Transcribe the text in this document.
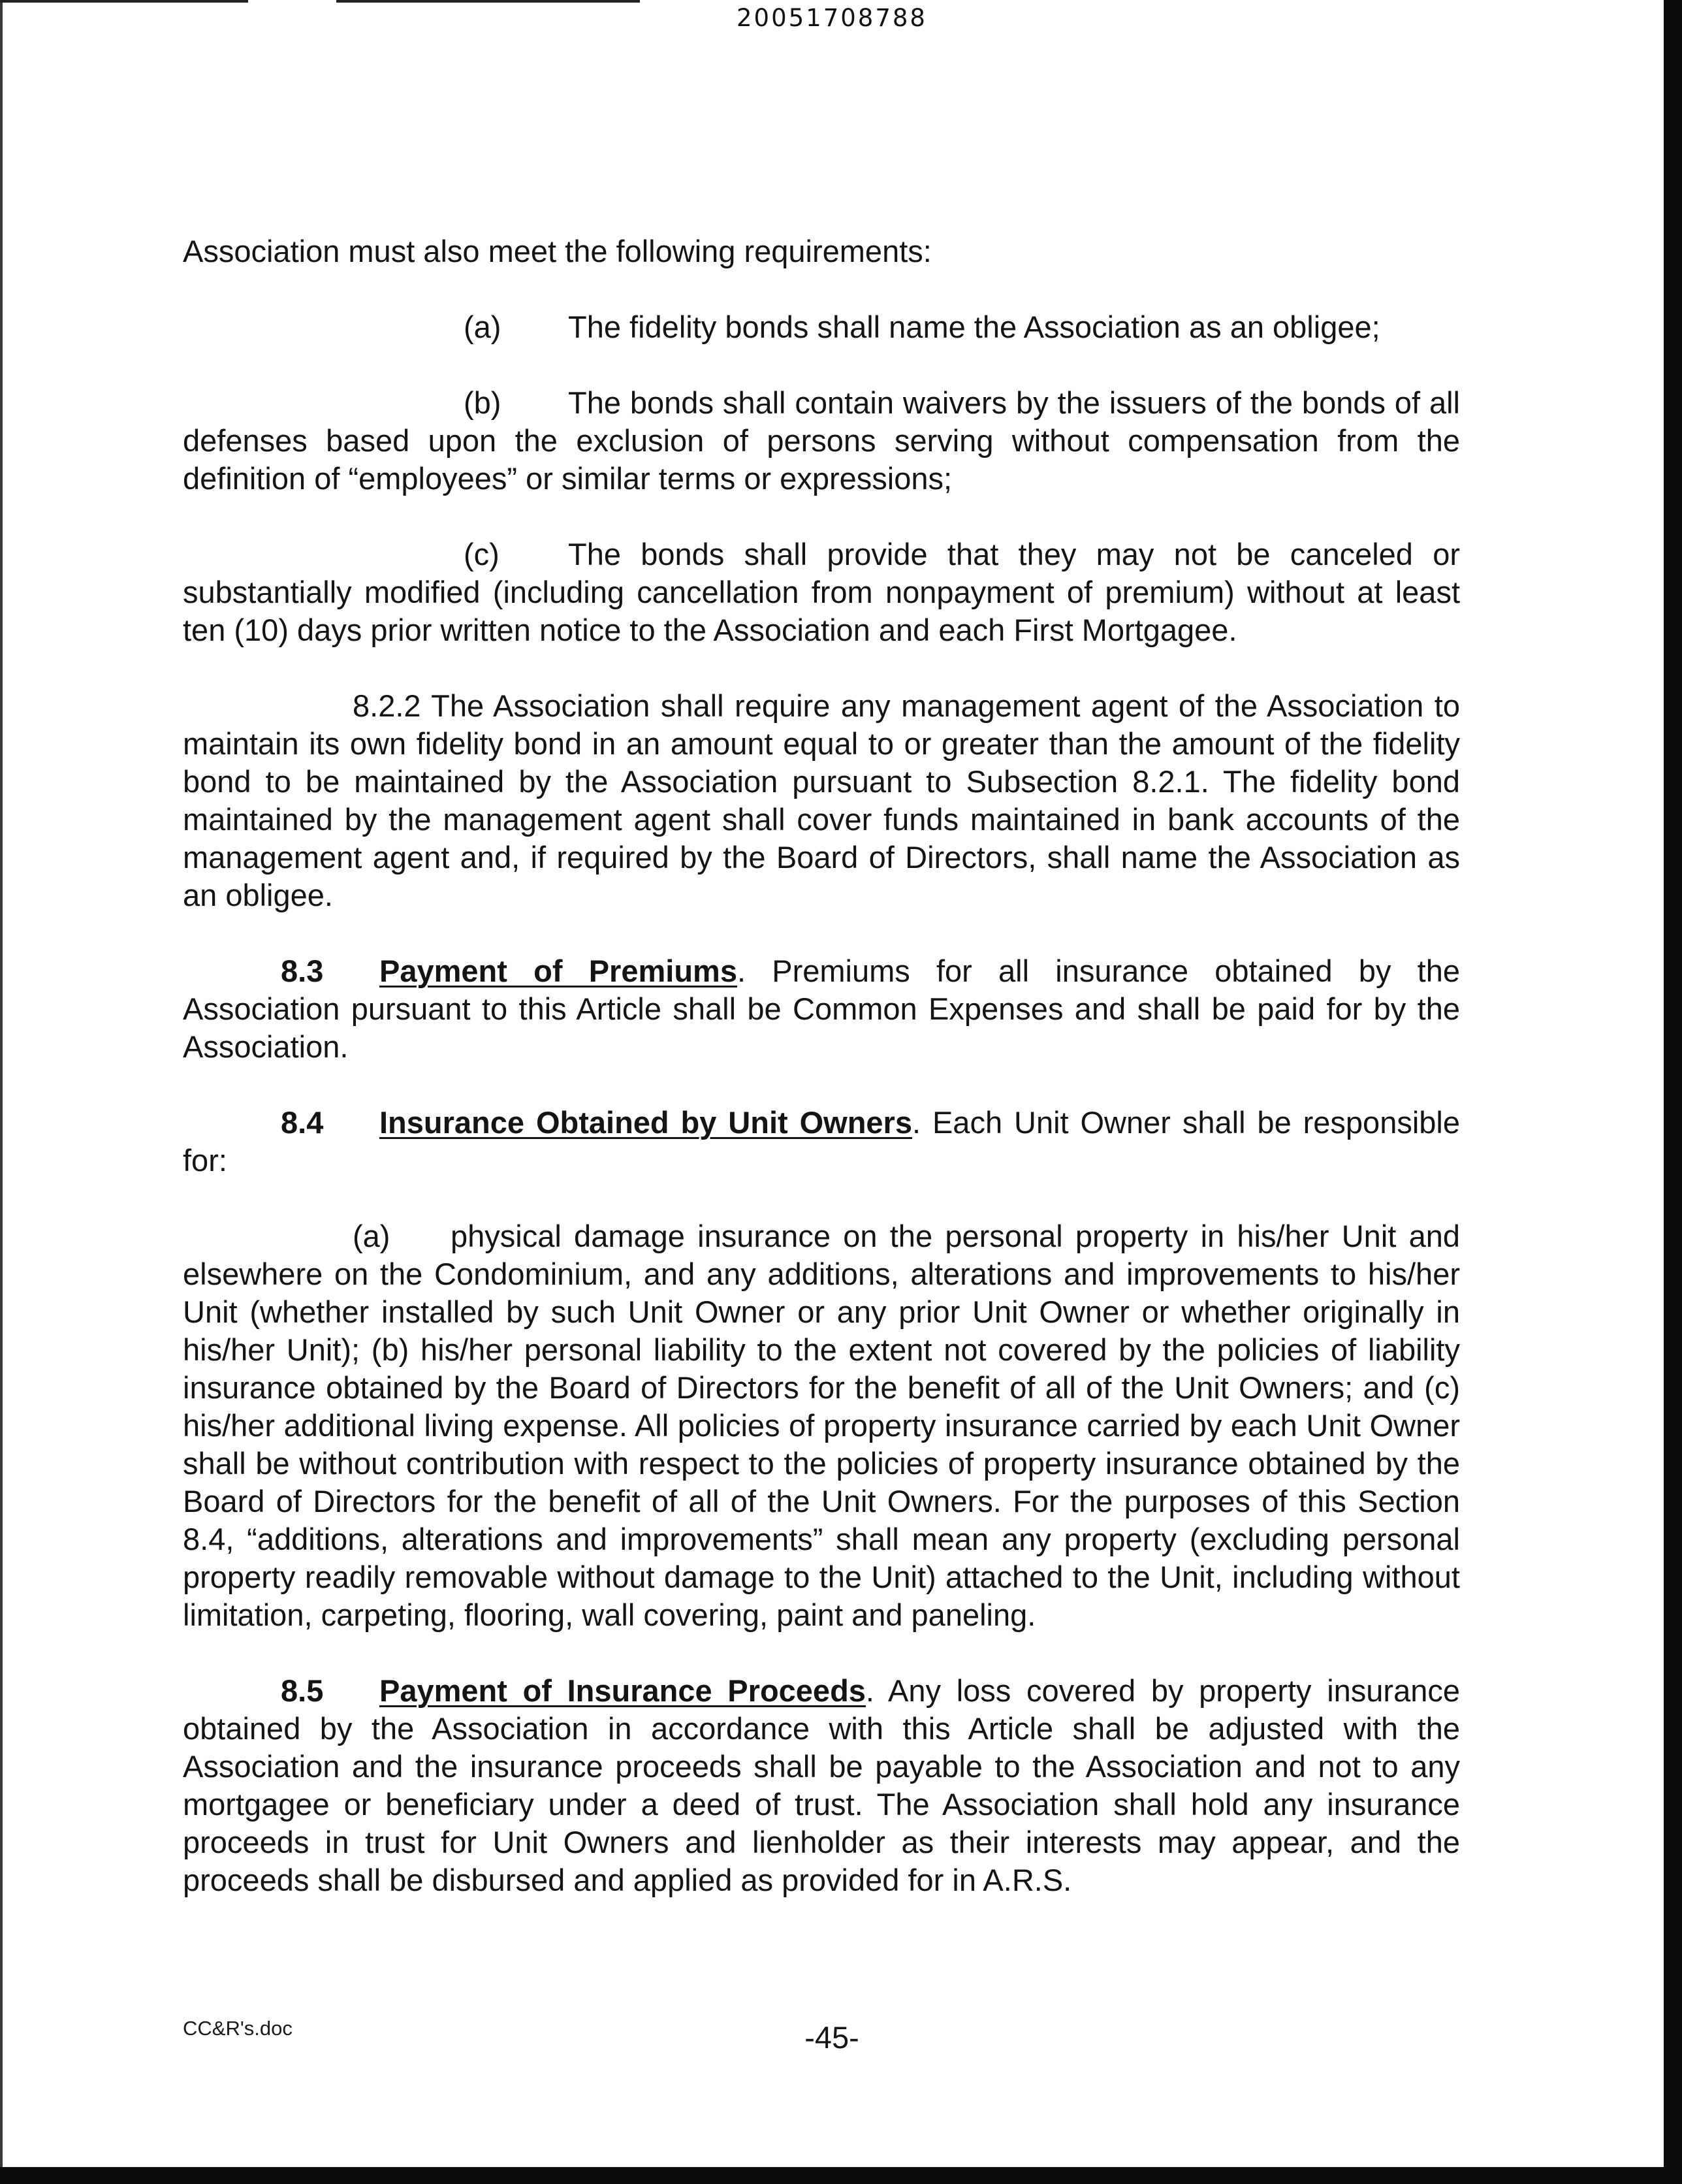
20051708788

Association must also meet the following requirements:

(a) The fidelity bonds shall name the Association as an obligee;

(b) The bonds shall contain waivers by the issuers of the bonds of all defenses based upon the exclusion of persons serving without compensation from the definition of “employees” or similar terms or expressions;

(c) The bonds shall provide that they may not be canceled or substantially modified (including cancellation from nonpayment of premium) without at least ten (10) days prior written notice to the Association and each First Mortgagee.

8.2.2 The Association shall require any management agent of the Association to maintain its own fidelity bond in an amount equal to or greater than the amount of the fidelity bond to be maintained by the Association pursuant to Subsection 8.2.1. The fidelity bond maintained by the management agent shall cover funds maintained in bank accounts of the management agent and, if required by the Board of Directors, shall name the Association as an obligee.

8.3 Payment of Premiums. Premiums for all insurance obtained by the Association pursuant to this Article shall be Common Expenses and shall be paid for by the Association.

8.4 Insurance Obtained by Unit Owners. Each Unit Owner shall be responsible for:

(a) physical damage insurance on the personal property in his/her Unit and elsewhere on the Condominium, and any additions, alterations and improvements to his/her Unit (whether installed by such Unit Owner or any prior Unit Owner or whether originally in his/her Unit); (b) his/her personal liability to the extent not covered by the policies of liability insurance obtained by the Board of Directors for the benefit of all of the Unit Owners; and (c) his/her additional living expense. All policies of property insurance carried by each Unit Owner shall be without contribution with respect to the policies of property insurance obtained by the Board of Directors for the benefit of all of the Unit Owners. For the purposes of this Section 8.4, “additions, alterations and improvements” shall mean any property (excluding personal property readily removable without damage to the Unit) attached to the Unit, including without limitation, carpeting, flooring, wall covering, paint and paneling.

8.5 Payment of Insurance Proceeds. Any loss covered by property insurance obtained by the Association in accordance with this Article shall be adjusted with the Association and the insurance proceeds shall be payable to the Association and not to any mortgagee or beneficiary under a deed of trust. The Association shall hold any insurance proceeds in trust for Unit Owners and lienholder as their interests may appear, and the proceeds shall be disbursed and applied as provided for in A.R.S.

CC&R's.doc	-45-
